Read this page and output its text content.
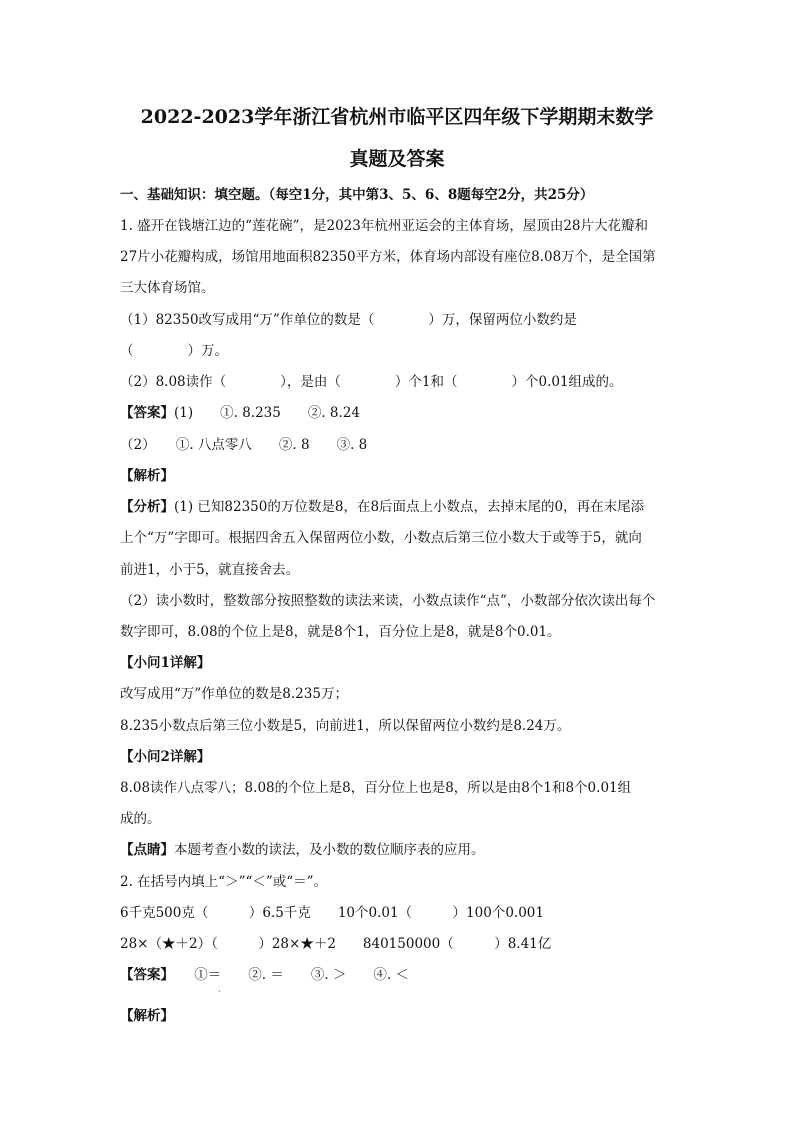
2022-2023学年浙江省杭州市临平区四年级下学期期末数学
真题及答案
一、基础知识：填空题。（每空1分，其中第3、5、6、8题每空2分，共25分）
1. 盛开在钱塘江边的“莲花碗”，是2023年杭州亚运会的主体育场，屋顶由28片大花瓣和
27片小花瓣构成，场馆用地面积82350平方米，体育场内部设有座位8.08万个，是全国第
三大体育场馆。
（1）82350改写成用“万”作单位的数是（　　　　）万，保留两位小数约是
（　　　　）万。
（2）8.08读作（　　　　），是由（　　　　）个1和（　　　　）个0.01组成的。
【答案】(1)　　①. 8.235　　②. 8.24
（2）　　①. 八点零八　　②. 8　　③. 8
【解析】
【分析】(1) 已知82350的万位数是8，在8后面点上小数点，去掉末尾的0，再在末尾添
上个“万”字即可。根据四舍五入保留两位小数，小数点后第三位小数大于或等于5，就向
前进1，小于5，就直接舍去。
（2）读小数时，整数部分按照整数的读法来读，小数点读作“点”，小数部分依次读出每个
数字即可，8.08的个位上是8，就是8个1，百分位上是8，就是8个0.01。
【小问1详解】
改写成用“万”作单位的数是8.235万；
8.235小数点后第三位小数是5，向前进1，所以保留两位小数约是8.24万。
【小问2详解】
8.08读作八点零八；8.08的个位上是8，百分位上也是8，所以是由8个1和8个0.01组
成的。
【点睛】本题考查小数的读法，及小数的数位顺序表的应用。
2. 在括号内填上“＞”“＜”或“＝”。
6千克500克（　　　）6.5千克　　10个0.01（　　　）100个0.001
28×（★＋2）（　　　）28×★＋2　　840150000（　　　）8.41亿
【答案】　　①＝　　②. ＝　　③. ＞　　④. ＜
·
【解析】
